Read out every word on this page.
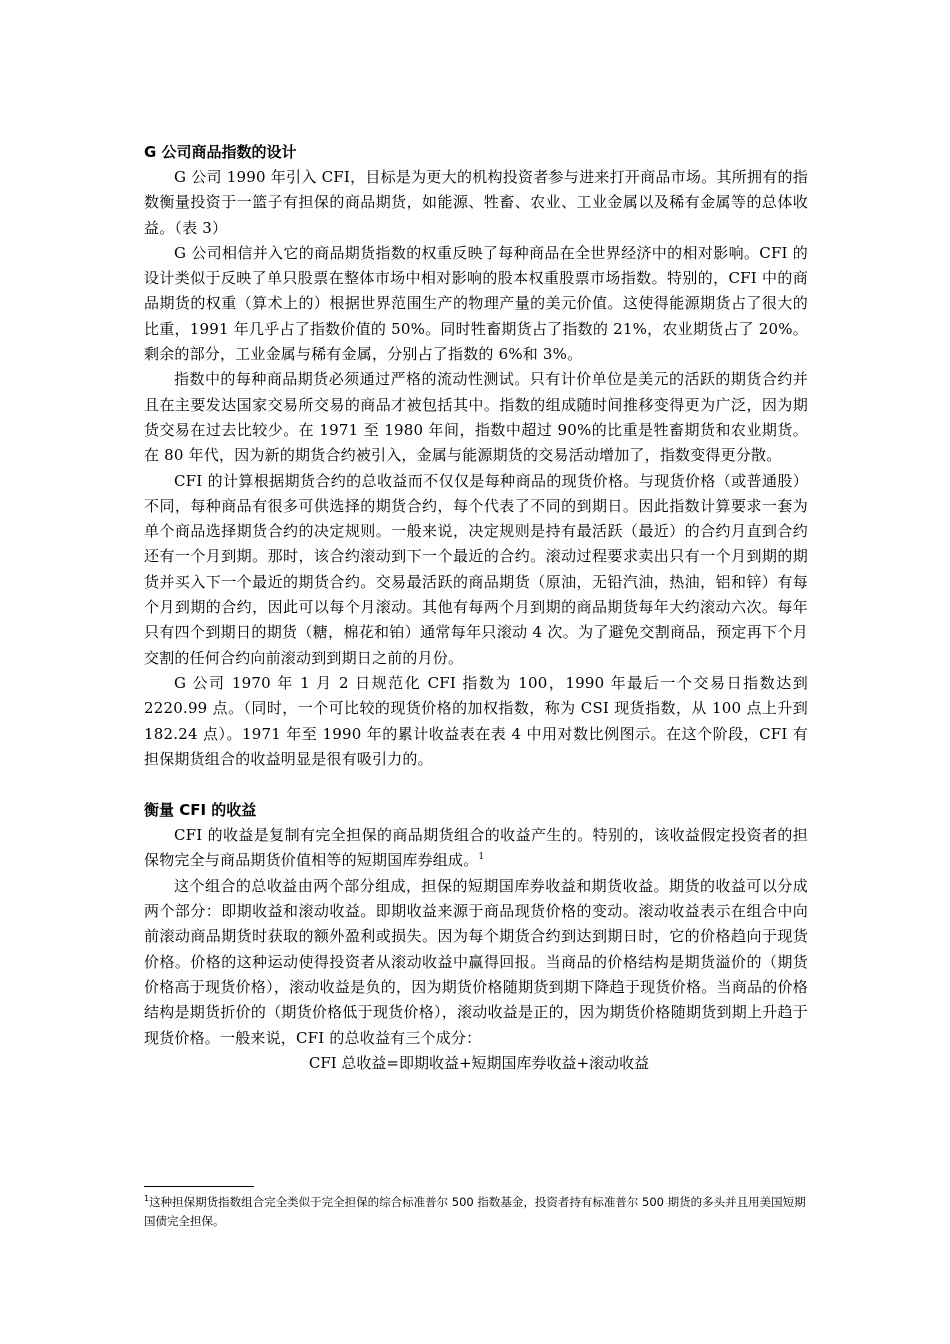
G 公司商品指数的设计

G 公司 1990 年引入 CFI，目标是为更大的机构投资者参与进来打开商品市场。其所拥有的指数衡量投资于一篮子有担保的商品期货，如能源、牲畜、农业、工业金属以及稀有金属等的总体收益。（表 3）

G 公司相信并入它的商品期货指数的权重反映了每种商品在全世界经济中的相对影响。CFI 的设计类似于反映了单只股票在整体市场中相对影响的股本权重股票市场指数。特别的，CFI 中的商品期货的权重（算术上的）根据世界范围生产的物理产量的美元价值。这使得能源期货占了很大的比重，1991 年几乎占了指数价值的 50%。同时牲畜期货占了指数的 21%，农业期货占了 20%。剩余的部分，工业金属与稀有金属，分别占了指数的 6%和 3%。

指数中的每种商品期货必须通过严格的流动性测试。只有计价单位是美元的活跃的期货合约并且在主要发达国家交易所交易的商品才被包括其中。指数的组成随时间推移变得更为广泛，因为期货交易在过去比较少。在 1971 至 1980 年间，指数中超过 90%的比重是牲畜期货和农业期货。在 80 年代，因为新的期货合约被引入，金属与能源期货的交易活动增加了，指数变得更分散。

CFI 的计算根据期货合约的总收益而不仅仅是每种商品的现货价格。与现货价格（或普通股）不同，每种商品有很多可供选择的期货合约，每个代表了不同的到期日。因此指数计算要求一套为单个商品选择期货合约的决定规则。一般来说，决定规则是持有最活跃（最近）的合约月直到合约还有一个月到期。那时，该合约滚动到下一个最近的合约。滚动过程要求卖出只有一个月到期的期货并买入下一个最近的期货合约。交易最活跃的商品期货（原油，无铅汽油，热油，铝和锌）有每个月到期的合约，因此可以每个月滚动。其他有每两个月到期的商品期货每年大约滚动六次。每年只有四个到期日的期货（糖，棉花和铂）通常每年只滚动 4 次。为了避免交割商品，预定再下个月交割的任何合约向前滚动到到期日之前的月份。

G 公司 1970 年 1 月 2 日规范化 CFI 指数为 100，1990 年最后一个交易日指数达到 2220.99 点。（同时，一个可比较的现货价格的加权指数，称为 CSI 现货指数，从 100 点上升到 182.24 点）。1971 年至 1990 年的累计收益表在表 4 中用对数比例图示。在这个阶段，CFI 有担保期货组合的收益明显是很有吸引力的。

衡量 CFI 的收益

CFI 的收益是复制有完全担保的商品期货组合的收益产生的。特别的，该收益假定投资者的担保物完全与商品期货价值相等的短期国库券组成。$^1$

这个组合的总收益由两个部分组成，担保的短期国库券收益和期货收益。期货的收益可以分成两个部分：即期收益和滚动收益。即期收益来源于商品现货价格的变动。滚动收益表示在组合中向前滚动商品期货时获取的额外盈利或损失。因为每个期货合约到达到期日时，它的价格趋向于现货价格。价格的这种运动使得投资者从滚动收益中赢得回报。当商品的价格结构是期货溢价的（期货价格高于现货价格），滚动收益是负的，因为期货价格随期货到期下降趋于现货价格。当商品的价格结构是期货折价的（期货价格低于现货价格），滚动收益是正的，因为期货价格随期货到期上升趋于现货价格。一般来说，CFI 的总收益有三个成分：

CFI 总收益=即期收益+短期国库券收益+滚动收益

$^1$这种担保期货指数组合完全类似于完全担保的综合标准普尔 500 指数基金，投资者持有标准普尔 500 期货的多头并且用美国短期国债完全担保。
